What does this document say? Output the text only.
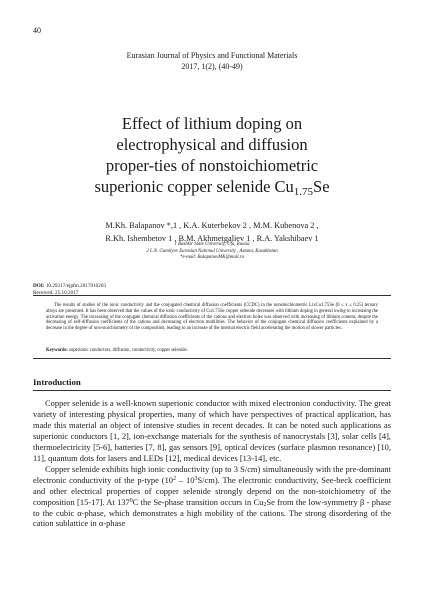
40
Eurasian Journal of Physics and Functional Materials
2017, 1(2), (40-49)
Effect of lithium doping on
electrophysical and diffusion
proper-ties of nonstoichiometric
superionic copper selenide $Cu_{1.75}Se$
M.Kh. Balapanov *,1 , K.A. Kuterbekov 2 , M.M. Kubenova 2 ,
R.Kh. Ishembetov 1 , B.M. Akhmetgaliev 1 , R.A. Yakshibaev 1
1 Bashkir State University, Ufa, Russia
2 L.N. Gumilyov Eurasian National University , Astana, Kazakhstan
*e-mail: BalapanovMK@mail.ru
DOI: 10.29317/ejpfm.2017010203
Received: 25.10.2017
The results of studies of the ionic conductivity and the conjugated chemical diffusion coefficients (CCDC) in the nonstoichiometric LixCu1.75Se (0 ≤ x ≤ 0.25) ternary alloys are presented. It has been observed that the values of the ionic conductivity of Cu1.75Se copper selenide decreases with lithium doping in general owing to increasing the activation energy. The increasing of the conjugate chemical diffusion coefficients of the cations and electron holes was observed with increasing of lithium content, despite the decreasing of self-diffusion coefficients of the cations and decreasing of electron mobilities. The behavior of the conjugate chemical diffusion coefficients explained by a decrease in the degree of non-stoichiometry of the composition, leading to an increase of the internal electric field accelerating the motion of slower particles.
Keywords: superionic conductors, diffusion, conductivity, copper selenide.
Introduction

Copper selenide is a well-known superionic conductor with mixed electronion conductivity. The great variety of interesting physical properties, many of which have perspectives of practical application, has made this material an object of intensive studies in recent decades. It can be noted such applications as superionic conductors [1, 2], ion-exchange materials for the synthesis of nanocrystals [3], solar cells [4], thermoelectricity [5-6], batteries [7, 8], gas sensors [9], optical devices (surface plasmon resonance) [10, 11], quantum dots for lasers and LEDs [12], medical devices [13-14], etc.

Copper selenide exhibits high ionic conductivity (up to 3 S/cm) simultaneously with the pre-dominant electronic conductivity of the p-type $(10^2 - 10^3S/cm)$. The electronic conductivity, See-beck coefficient and other electrical properties of copper selenide strongly depend on the non-stoichiometry of the composition [15-17]. At $137^0C$ the Se-phase transition occurs in $Cu_2Se$ from the low-symmetry β - phase to the cubic α-phase, which demonstrates a high mobility of the cations. The strong disordering of the cation sublattice in α-phase
